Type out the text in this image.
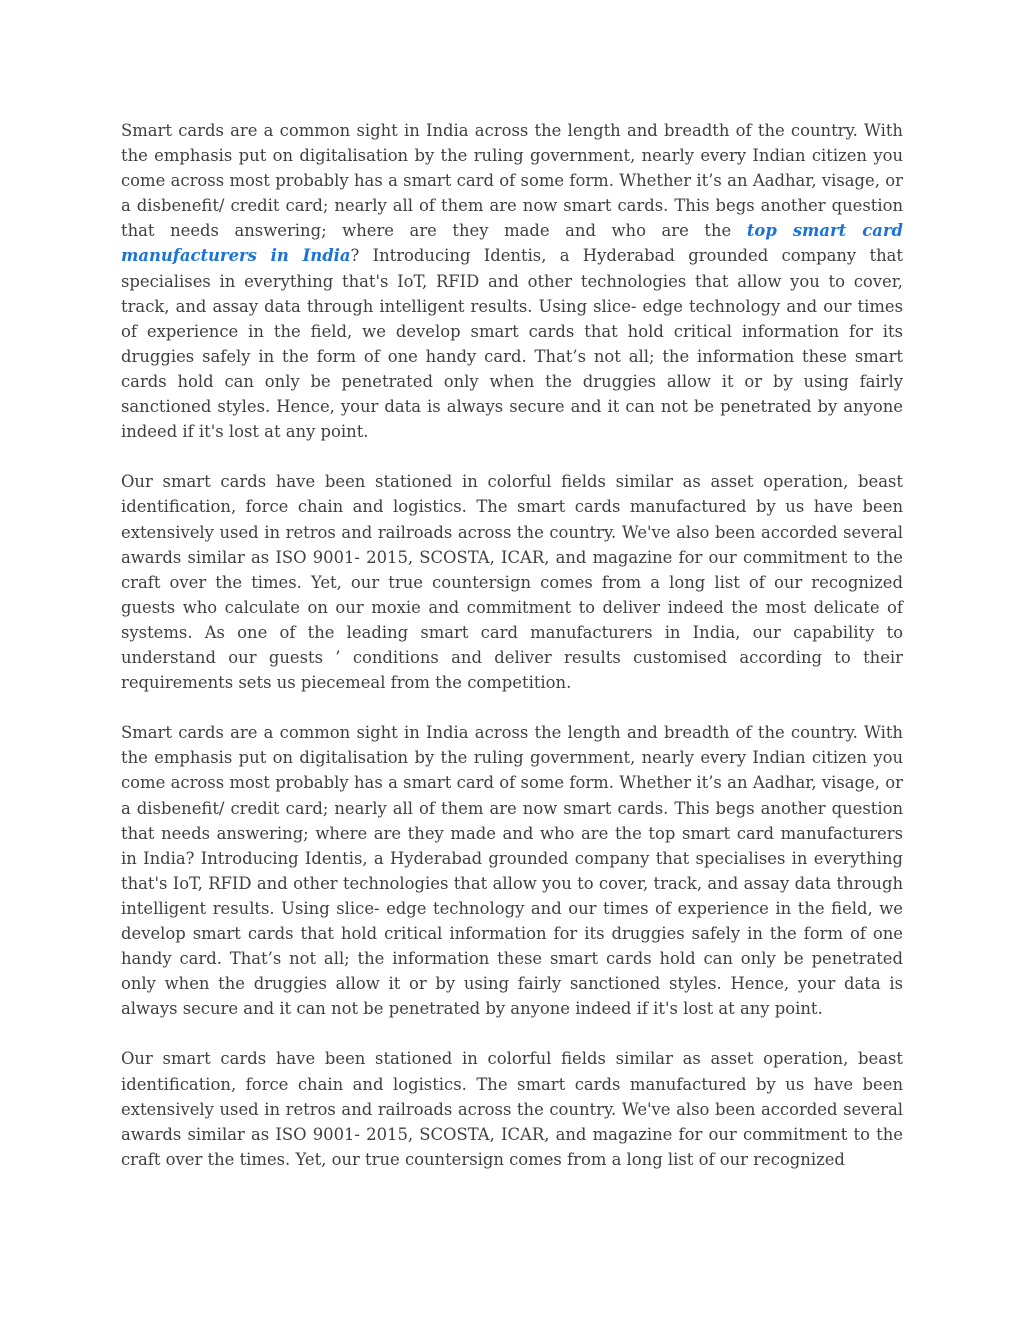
Smart cards are a common sight in India across the length and breadth of the country. With the emphasis put on digitalisation by the ruling government, nearly every Indian citizen you come across most probably has a smart card of some form. Whether it’s an Aadhar, visage, or a disbenefit/ credit card; nearly all of them are now smart cards. This begs another question that needs answering; where are they made and who are the top smart card manufacturers in India? Introducing Identis, a Hyderabad grounded company that specialises in everything that's IoT, RFID and other technologies that allow you to cover, track, and assay data through intelligent results. Using slice- edge technology and our times of experience in the field, we develop smart cards that hold critical information for its druggies safely in the form of one handy card. That’s not all; the information these smart cards hold can only be penetrated only when the druggies allow it or by using fairly sanctioned styles. Hence, your data is always secure and it can not be penetrated by anyone indeed if it's lost at any point.

Our smart cards have been stationed in colorful fields similar as asset operation, beast identification, force chain and logistics. The smart cards manufactured by us have been extensively used in retros and railroads across the country. We've also been accorded several awards similar as ISO 9001- 2015, SCOSTA, ICAR, and magazine for our commitment to the craft over the times. Yet, our true countersign comes from a long list of our recognized guests who calculate on our moxie and commitment to deliver indeed the most delicate of systems. As one of the leading smart card manufacturers in India, our capability to understand our guests ’ conditions and deliver results customised according to their requirements sets us piecemeal from the competition.

Smart cards are a common sight in India across the length and breadth of the country. With the emphasis put on digitalisation by the ruling government, nearly every Indian citizen you come across most probably has a smart card of some form. Whether it’s an Aadhar, visage, or a disbenefit/ credit card; nearly all of them are now smart cards. This begs another question that needs answering; where are they made and who are the top smart card manufacturers in India? Introducing Identis, a Hyderabad grounded company that specialises in everything that's IoT, RFID and other technologies that allow you to cover, track, and assay data through intelligent results. Using slice- edge technology and our times of experience in the field, we develop smart cards that hold critical information for its druggies safely in the form of one handy card. That’s not all; the information these smart cards hold can only be penetrated only when the druggies allow it or by using fairly sanctioned styles. Hence, your data is always secure and it can not be penetrated by anyone indeed if it's lost at any point.

Our smart cards have been stationed in colorful fields similar as asset operation, beast identification, force chain and logistics. The smart cards manufactured by us have been extensively used in retros and railroads across the country. We've also been accorded several awards similar as ISO 9001- 2015, SCOSTA, ICAR, and magazine for our commitment to the craft over the times. Yet, our true countersign comes from a long list of our recognized
